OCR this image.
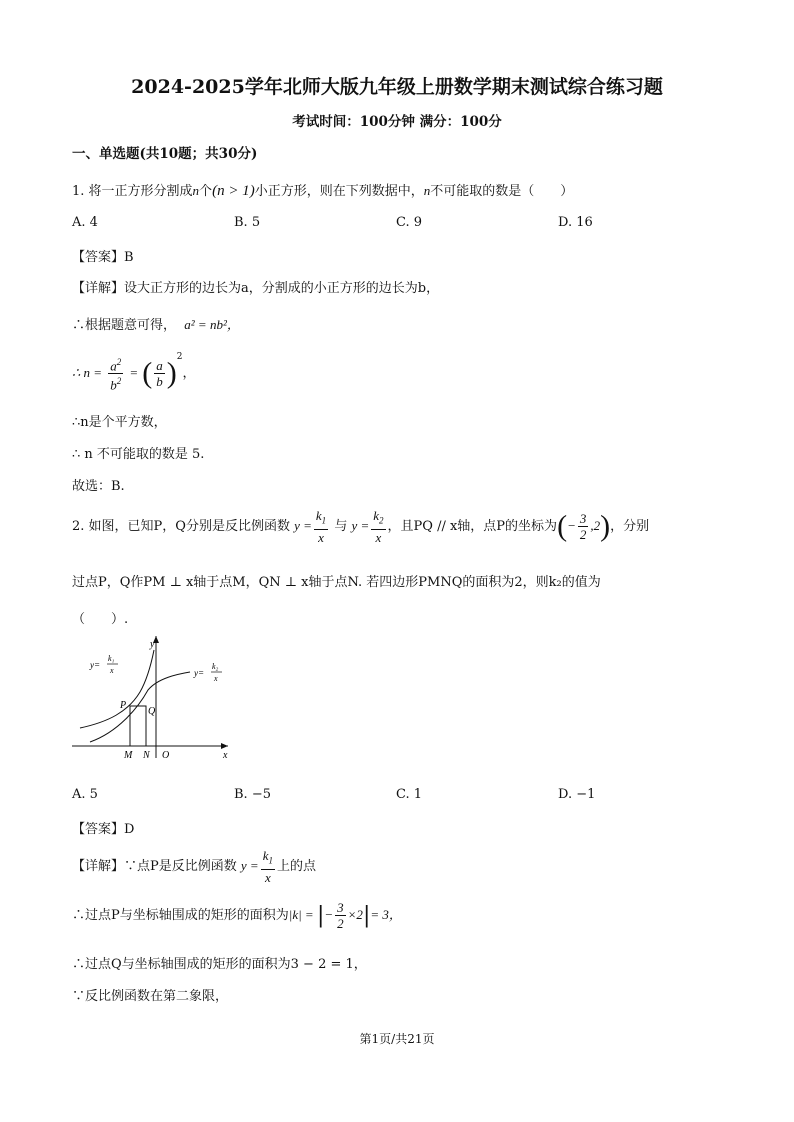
2024-2025学年北师大版九年级上册数学期末测试综合练习题
考试时间：100分钟 满分：100分
一、单选题(共10题；共30分)
1. 将一正方形分割成n个(n > 1)小正方形，则在下列数据中，n不可能取的数是（　　）
A. 4	B. 5	C. 9	D. 16
【答案】B
【详解】设大正方形的边长为a，分割成的小正方形的边长为b，
∴根据题意可得， a² = nb²，
∴ $n = \frac{a^2}{b^2}$ = ( $\frac{a}{b} )^2$，
∴n是个平方数，
∴ n 不可能取的数是 5.
故选：B.
2. 如图，已知P，Q分别是反比例函数 $y = \frac{k_1}{x}$ 与 $y = \frac{k_2}{x}$ ，且PQ // x轴，点P的坐标为(− $\frac{3}{2} ,2$)，分别
过点P，Q作PM ⊥ x轴于点M，QN ⊥ x轴于点N. 若四边形PMNQ的面积为2，则k₂的值为
（　　）.
y
x
P
Q
M N O
y=
k₁
x	y=
k₂
x
A. 5	B. −5	C. 1	D. −1
【答案】D
【详解】∵点P是反比例函数 $y = \frac{k_1}{x}$ 上的点
∴过点P与坐标轴围成的矩形的面积为|k| = |− $\frac{3}{2} \times 2|= 3$，
∴过点Q与坐标轴围成的矩形的面积为3 − 2 = 1，
∵反比例函数在第二象限，
第1页/共21页
